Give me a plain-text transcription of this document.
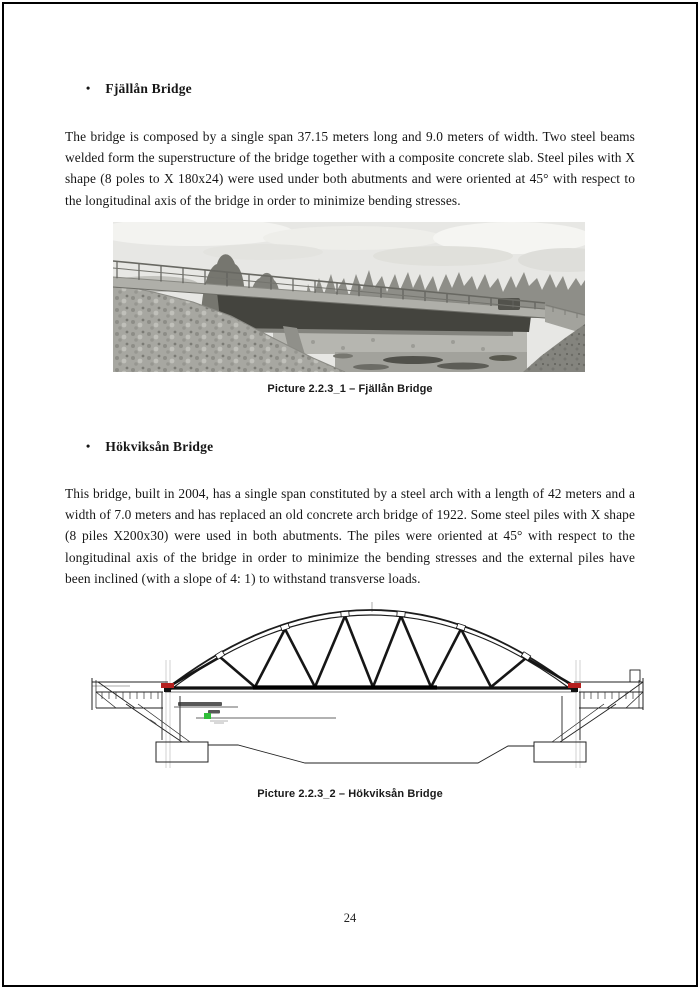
• Fjällån Bridge

The bridge is composed by a single span 37.15 meters long and 9.0 meters of width. Two steel beams welded form the superstructure of the bridge together with a composite concrete slab. Steel piles with X shape (8 poles to X 180x24) were used under both abutments and were oriented at 45° with respect to the longitudinal axis of the bridge in order to minimize bending stresses.

Picture 2.2.3_1 – Fjällån Bridge
• Hökviksån Bridge

This bridge, built in 2004, has a single span constituted by a steel arch with a length of 42 meters and a width of 7.0 meters and has replaced an old concrete arch bridge of 1922. Some steel piles with X shape (8 piles X200x30) were used in both abutments. The piles were oriented at 45° with respect to the longitudinal axis of the bridge in order to minimize the bending stresses and the external piles have been inclined (with a slope of 4: 1) to withstand transverse loads.

Picture 2.2.3_2 – Hökviksån Bridge
24
